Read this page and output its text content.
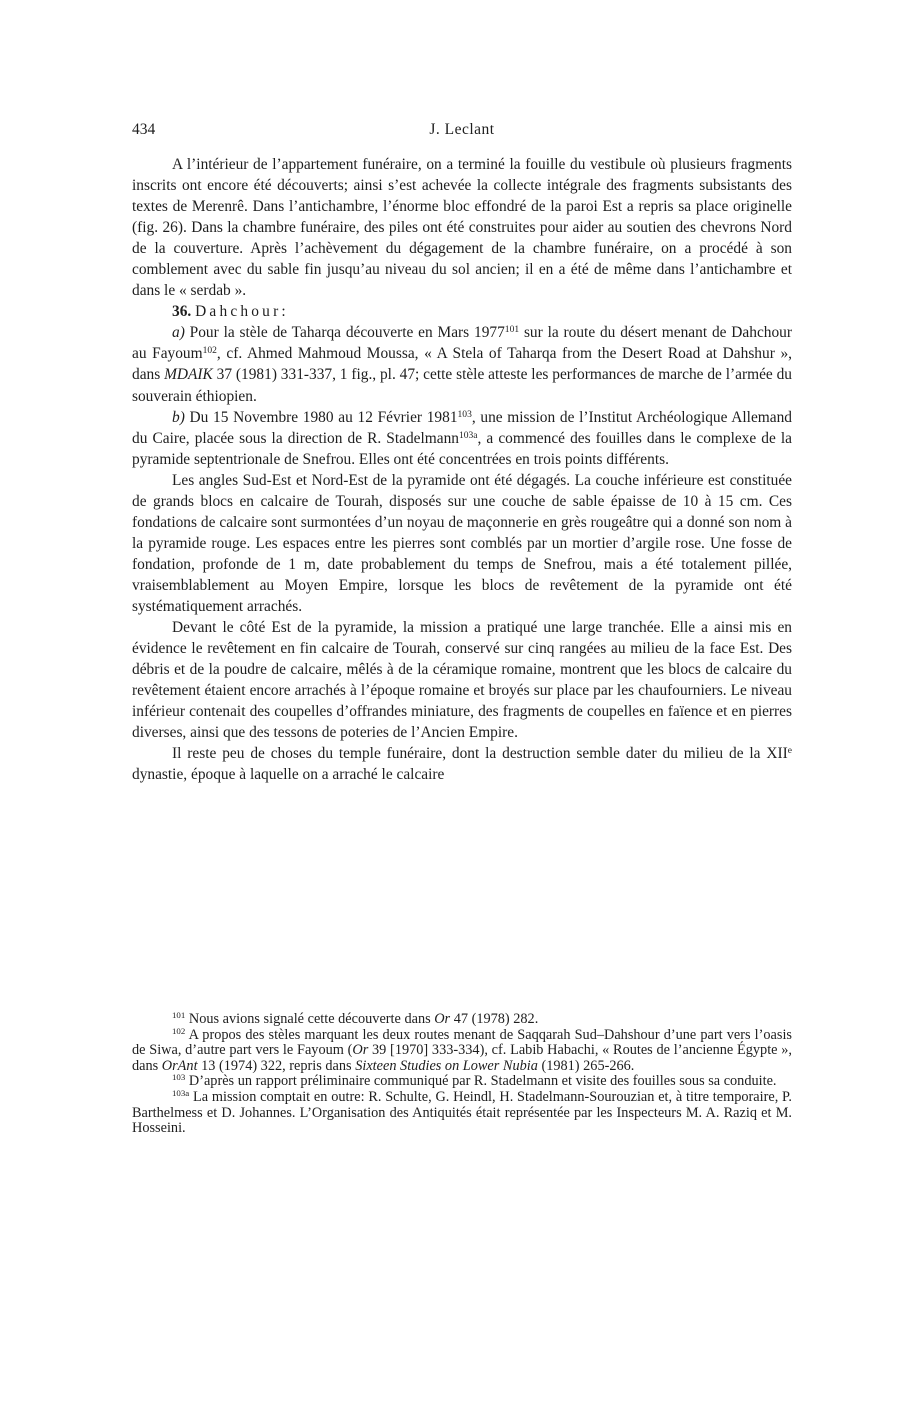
434	J. Leclant

A l’intérieur de l’appartement funéraire, on a terminé la fouille du vestibule où plusieurs fragments inscrits ont encore été découverts; ainsi s’est achevée la collecte intégrale des fragments subsistants des textes de Merenrê. Dans l’antichambre, l’énorme bloc effondré de la paroi Est a repris sa place originelle (fig. 26). Dans la chambre funéraire, des piles ont été construites pour aider au soutien des chevrons Nord de la couverture. Après l’achèvement du dégagement de la chambre funéraire, on a procédé à son comblement avec du sable fin jusqu’au niveau du sol ancien; il en a été de même dans l’antichambre et dans le « serdab ».

36. Dahchour:

a) Pour la stèle de Taharqa découverte en Mars 1977$^{101}$ sur la route du désert menant de Dahchour au Fayoum$^{102}$, cf. Ahmed Mahmoud Moussa, « A Stela of Taharqa from the Desert Road at Dahshur », dans MDAIK 37 (1981) 331-337, 1 fig., pl. 47; cette stèle atteste les performances de marche de l’armée du souverain éthiopien.

b) Du 15 Novembre 1980 au 12 Février 1981$^{103}$, une mission de l’Institut Archéologique Allemand du Caire, placée sous la direction de R. Stadelmann$^{103a}$, a commencé des fouilles dans le complexe de la pyramide septentrionale de Snefrou. Elles ont été concentrées en trois points différents.

Les angles Sud-Est et Nord-Est de la pyramide ont été dégagés. La couche inférieure est constituée de grands blocs en calcaire de Tourah, disposés sur une couche de sable épaisse de 10 à 15 cm. Ces fondations de calcaire sont surmontées d’un noyau de maçonnerie en grès rougeâtre qui a donné son nom à la pyramide rouge. Les espaces entre les pierres sont comblés par un mortier d’argile rose. Une fosse de fondation, profonde de 1 m, date probablement du temps de Snefrou, mais a été totalement pillée, vraisemblablement au Moyen Empire, lorsque les blocs de revêtement de la pyramide ont été systématiquement arrachés.

Devant le côté Est de la pyramide, la mission a pratiqué une large tranchée. Elle a ainsi mis en évidence le revêtement en fin calcaire de Tourah, conservé sur cinq rangées au milieu de la face Est. Des débris et de la poudre de calcaire, mêlés à de la céramique romaine, montrent que les blocs de calcaire du revêtement étaient encore arrachés à l’époque romaine et broyés sur place par les chaufourniers. Le niveau inférieur contenait des coupelles d’offrandes miniature, des fragments de coupelles en faïence et en pierres diverses, ainsi que des tessons de poteries de l’Ancien Empire.

Il reste peu de choses du temple funéraire, dont la destruction semble dater du milieu de la XIIe dynastie, époque à laquelle on a arraché le calcaire

$^{101}$ Nous avions signalé cette découverte dans Or 47 (1978) 282.

$^{102}$ A propos des stèles marquant les deux routes menant de Saqqarah Sud–Dahshour d’une part vers l’oasis de Siwa, d’autre part vers le Fayoum (Or 39 [1970] 333-334), cf. Labib Habachi, « Routes de l’ancienne Égypte », dans OrAnt 13 (1974) 322, repris dans Sixteen Studies on Lower Nubia (1981) 265-266.

$^{103}$ D’après un rapport préliminaire communiqué par R. Stadelmann et visite des fouilles sous sa conduite.

$^{103a}$ La mission comptait en outre: R. Schulte, G. Heindl, H. Stadelmann-Sourouzian et, à titre temporaire, P. Barthelmess et D. Johannes. L’Organisation des Antiquités était représentée par les Inspecteurs M. A. Raziq et M. Hosseini.
